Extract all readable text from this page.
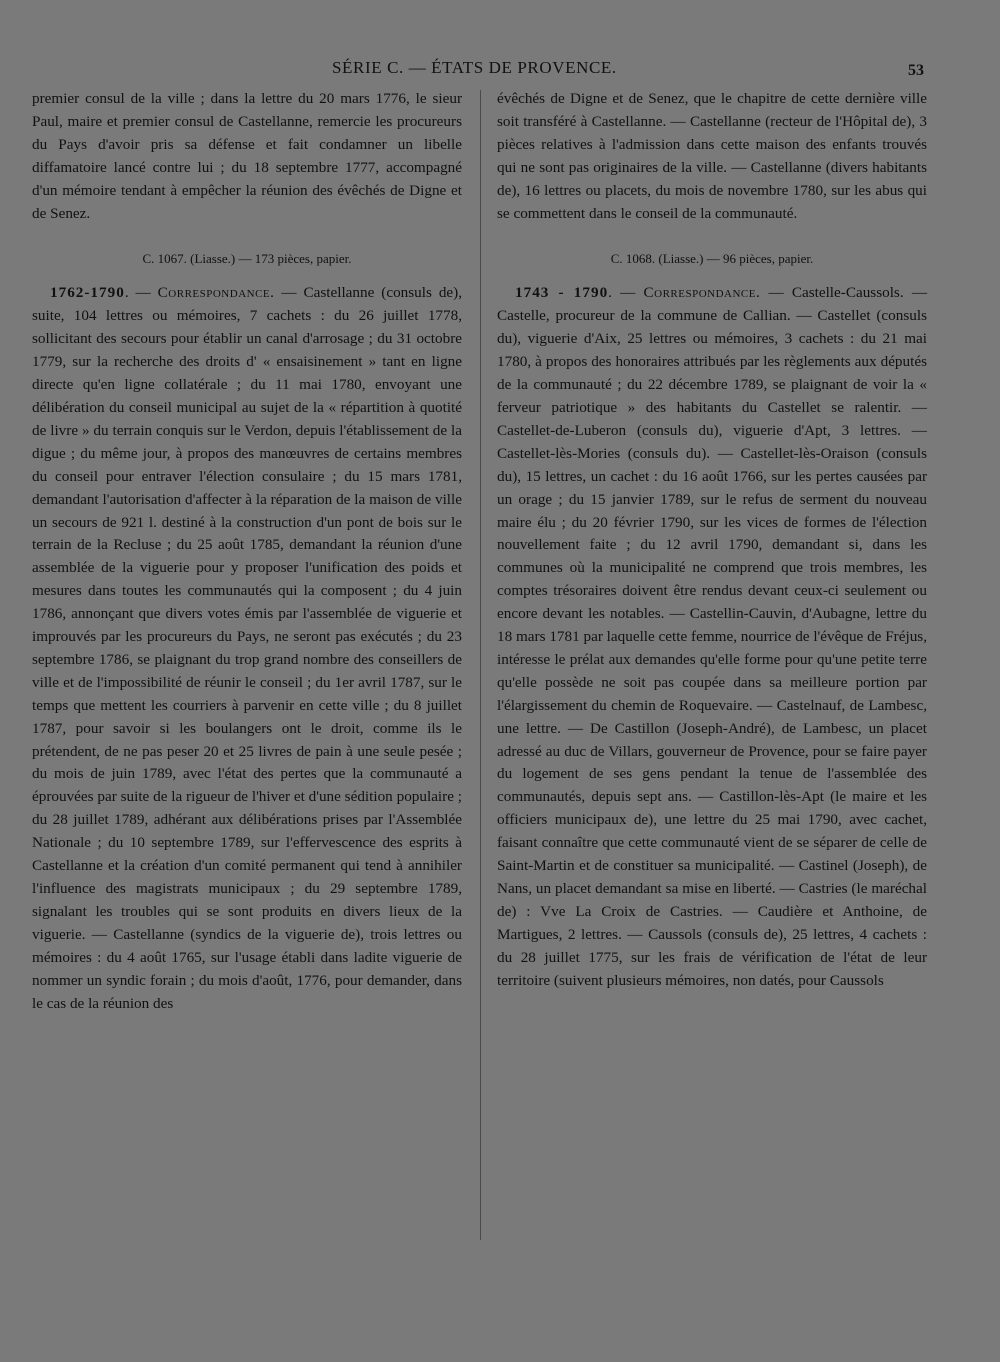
SÉRIE C. — ÉTATS DE PROVENCE.	53

premier consul de la ville ; dans la lettre du 20 mars 1776, le sieur Paul, maire et premier consul de Castellanne, remercie les procureurs du Pays d'avoir pris sa défense et fait condamner un libelle diffamatoire lancé contre lui ; du 18 septembre 1777, accompagné d'un mémoire tendant à empêcher la réunion des évêchés de Digne et de Senez.

C. 1067. (Liasse.) — 173 pièces, papier.

1762-1790. — Correspondance. — Castellanne (consuls de), suite, 104 lettres ou mémoires, 7 cachets : du 26 juillet 1778, sollicitant des secours pour établir un canal d'arrosage ; du 31 octobre 1779, sur la recherche des droits d' « ensaisinement » tant en ligne directe qu'en ligne collatérale ; du 11 mai 1780, envoyant une délibération du conseil municipal au sujet de la « répartition à quotité de livre » du terrain conquis sur le Verdon, depuis l'établissement de la digue ; du même jour, à propos des manœuvres de certains membres du conseil pour entraver l'élection consulaire ; du 15 mars 1781, demandant l'autorisation d'affecter à la réparation de la maison de ville un secours de 921 l. destiné à la construction d'un pont de bois sur le terrain de la Recluse ; du 25 août 1785, demandant la réunion d'une assemblée de la viguerie pour y proposer l'unification des poids et mesures dans toutes les communautés qui la composent ; du 4 juin 1786, annonçant que divers votes émis par l'assemblée de viguerie et improuvés par les procureurs du Pays, ne seront pas exécutés ; du 23 septembre 1786, se plaignant du trop grand nombre des conseillers de ville et de l'impossibilité de réunir le conseil ; du 1er avril 1787, sur le temps que mettent les courriers à parvenir en cette ville ; du 8 juillet 1787, pour savoir si les boulangers ont le droit, comme ils le prétendent, de ne pas peser 20 et 25 livres de pain à une seule pesée ; du mois de juin 1789, avec l'état des pertes que la communauté a éprouvées par suite de la rigueur de l'hiver et d'une sédition populaire ; du 28 juillet 1789, adhérant aux délibérations prises par l'Assemblée Nationale ; du 10 septembre 1789, sur l'effervescence des esprits à Castellanne et la création d'un comité permanent qui tend à annihiler l'influence des magistrats municipaux ; du 29 septembre 1789, signalant les troubles qui se sont produits en divers lieux de la viguerie. — Castellanne (syndics de la viguerie de), trois lettres ou mémoires : du 4 août 1765, sur l'usage établi dans ladite viguerie de nommer un syndic forain ; du mois d'août, 1776, pour demander, dans le cas de la réunion des

évêchés de Digne et de Senez, que le chapitre de cette dernière ville soit transféré à Castellanne. — Castellanne (recteur de l'Hôpital de), 3 pièces relatives à l'admission dans cette maison des enfants trouvés qui ne sont pas originaires de la ville. — Castellanne (divers habitants de), 16 lettres ou placets, du mois de novembre 1780, sur les abus qui se commettent dans le conseil de la communauté.

C. 1068. (Liasse.) — 96 pièces, papier.

1743 - 1790. — Correspondance. — Castelle-Caussols. — Castelle, procureur de la commune de Callian. — Castellet (consuls du), viguerie d'Aix, 25 lettres ou mémoires, 3 cachets : du 21 mai 1780, à propos des honoraires attribués par les règlements aux députés de la communauté ; du 22 décembre 1789, se plaignant de voir la « ferveur patriotique » des habitants du Castellet se ralentir. — Castellet-de-Luberon (consuls du), viguerie d'Apt, 3 lettres. — Castellet-lès-Mories (consuls du). — Castellet-lès-Oraison (consuls du), 15 lettres, un cachet : du 16 août 1766, sur les pertes causées par un orage ; du 15 janvier 1789, sur le refus de serment du nouveau maire élu ; du 20 février 1790, sur les vices de formes de l'élection nouvellement faite ; du 12 avril 1790, demandant si, dans les communes où la municipalité ne comprend que trois membres, les comptes trésoraires doivent être rendus devant ceux-ci seulement ou encore devant les notables. — Castellin-Cauvin, d'Aubagne, lettre du 18 mars 1781 par laquelle cette femme, nourrice de l'évêque de Fréjus, intéresse le prélat aux demandes qu'elle forme pour qu'une petite terre qu'elle possède ne soit pas coupée dans sa meilleure portion par l'élargissement du chemin de Roquevaire. — Castelnauf, de Lambesc, une lettre. — De Castillon (Joseph-André), de Lambesc, un placet adressé au duc de Villars, gouverneur de Provence, pour se faire payer du logement de ses gens pendant la tenue de l'assemblée des communautés, depuis sept ans. — Castillon-lès-Apt (le maire et les officiers municipaux de), une lettre du 25 mai 1790, avec cachet, faisant connaître que cette communauté vient de se séparer de celle de Saint-Martin et de constituer sa municipalité. — Castinel (Joseph), de Nans, un placet demandant sa mise en liberté. — Castries (le maréchal de) : Vve La Croix de Castries. — Caudière et Anthoine, de Martigues, 2 lettres. — Caussols (consuls de), 25 lettres, 4 cachets : du 28 juillet 1775, sur les frais de vérification de l'état de leur territoire (suivent plusieurs mémoires, non datés, pour Caussols
